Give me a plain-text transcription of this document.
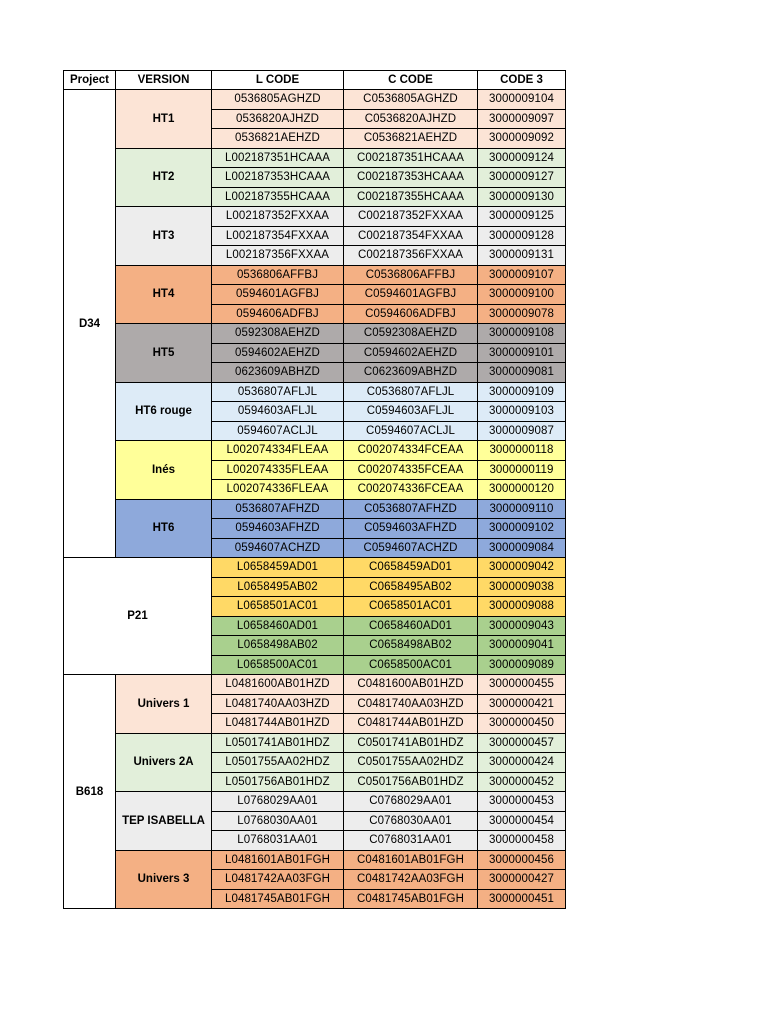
Project	VERSION	L CODE	C CODE	CODE 3
D34	HT1	0536805AGHZD	C0536805AGHZD	3000009104
		0536820AJHZD	C0536820AJHZD	3000009097
		0536821AEHZD	C0536821AEHZD	3000009092
	HT2	L002187351HCAAA	C002187351HCAAA	3000009124
		L002187353HCAAA	C002187353HCAAA	3000009127
		L002187355HCAAA	C002187355HCAAA	3000009130
	HT3	L002187352FXXAA	C002187352FXXAA	3000009125
		L002187354FXXAA	C002187354FXXAA	3000009128
		L002187356FXXAA	C002187356FXXAA	3000009131
	HT4	0536806AFFBJ	C0536806AFFBJ	3000009107
		0594601AGFBJ	C0594601AGFBJ	3000009100
		0594606ADFBJ	C0594606ADFBJ	3000009078
	HT5	0592308AEHZD	C0592308AEHZD	3000009108
		0594602AEHZD	C0594602AEHZD	3000009101
		0623609ABHZD	C0623609ABHZD	3000009081
	HT6 rouge	0536807AFLJL	C0536807AFLJL	3000009109
		0594603AFLJL	C0594603AFLJL	3000009103
		0594607ACLJL	C0594607ACLJL	3000009087
	Inés	L002074334FLEAA	C002074334FCEAA	3000000118
		L002074335FLEAA	C002074335FCEAA	3000000119
		L002074336FLEAA	C002074336FCEAA	3000000120
	HT6	0536807AFHZD	C0536807AFHZD	3000009110
		0594603AFHZD	C0594603AFHZD	3000009102
		0594607ACHZD	C0594607ACHZD	3000009084
P21		L0658459AD01	C0658459AD01	3000009042
		L0658495AB02	C0658495AB02	3000009038
		L0658501AC01	C0658501AC01	3000009088
		L0658460AD01	C0658460AD01	3000009043
		L0658498AB02	C0658498AB02	3000009041
		L0658500AC01	C0658500AC01	3000009089
B618	Univers 1	L0481600AB01HZD	C0481600AB01HZD	3000000455
		L0481740AA03HZD	C0481740AA03HZD	3000000421
		L0481744AB01HZD	C0481744AB01HZD	3000000450
	Univers 2A	L0501741AB01HDZ	C0501741AB01HDZ	3000000457
		L0501755AA02HDZ	C0501755AA02HDZ	3000000424
		L0501756AB01HDZ	C0501756AB01HDZ	3000000452
	TEP ISABELLA	L0768029AA01	C0768029AA01	3000000453
		L0768030AA01	C0768030AA01	3000000454
		L0768031AA01	C0768031AA01	3000000458
	Univers 3	L0481601AB01FGH	C0481601AB01FGH	3000000456
		L0481742AA03FGH	C0481742AA03FGH	3000000427
		L0481745AB01FGH	C0481745AB01FGH	3000000451
